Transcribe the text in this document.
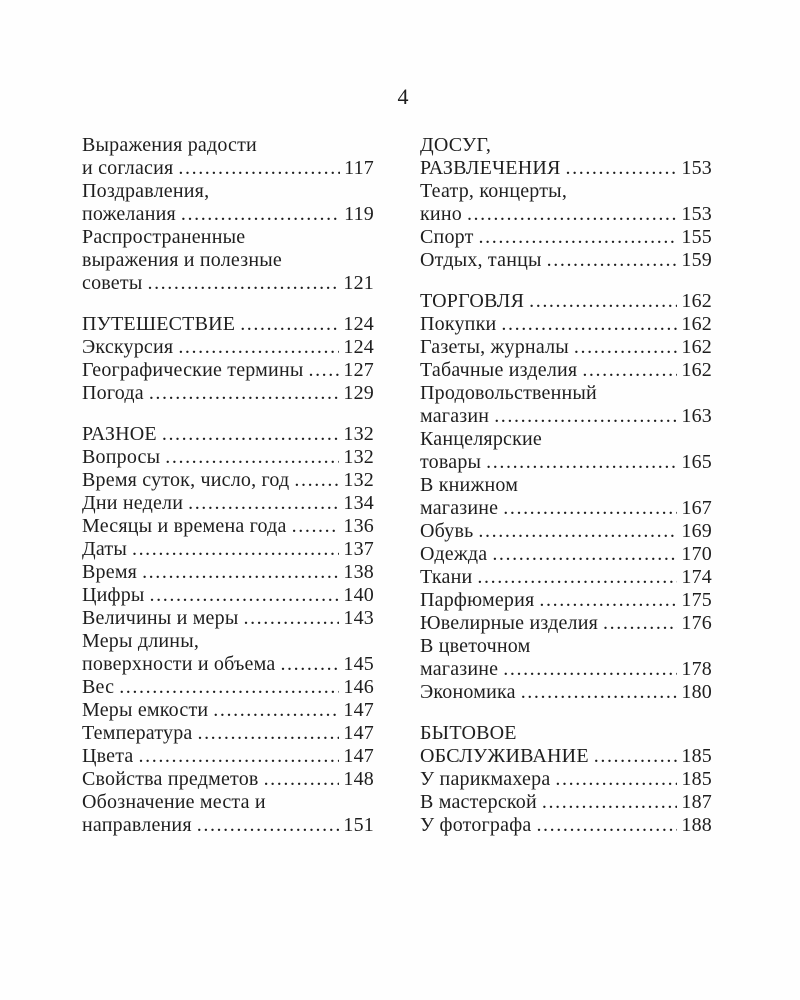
4
Выражения радости
и согласия .....	117
Поздравления,
пожелания .....	119
Распространенные
выражения и полезные
советы .....	121
ПУТЕШЕСТВИЕ .....	124
Экскурсия .....	124
Географические термины ..... 127
Погода .....	129
РАЗНОЕ .....	132
Вопросы .....	132
Время суток, число, год .....	132
Дни недели .....	134
Месяцы и времена года .....	136
Даты .....	137
Время .....	138
Цифры .....	140
Величины и меры .....	143
Меры длины,
поверхности и объема .....	145
Вес .....	146
Меры емкости .....	147
Температура .....	147
Цвета .....	147
Свойства предметов .....	148
Обозначение места и
направления .....	151
ДОСУГ,
РАЗВЛЕЧЕНИЯ .....	153
Театр, концерты,
кино .....	153
Спорт .....	155
Отдых, танцы .....	159
ТОРГОВЛЯ .....	162
Покупки .....	162
Газеты, журналы .....	162
Табачные изделия .....	162
Продовольственный
магазин .....	163
Канцелярские
товары .....	165
В книжном
магазине .....	167
Обувь .....	169
Одежда .....	170
Ткани .....	174
Парфюмерия .....	175
Ювелирные изделия .....	176
В цветочном
магазине .....	178
Экономика .....	180
БЫТОВОЕ
ОБСЛУЖИВАНИЕ .....	185
У парикмахера .....	185
В мастерской .....	187
У фотографа .....	188
